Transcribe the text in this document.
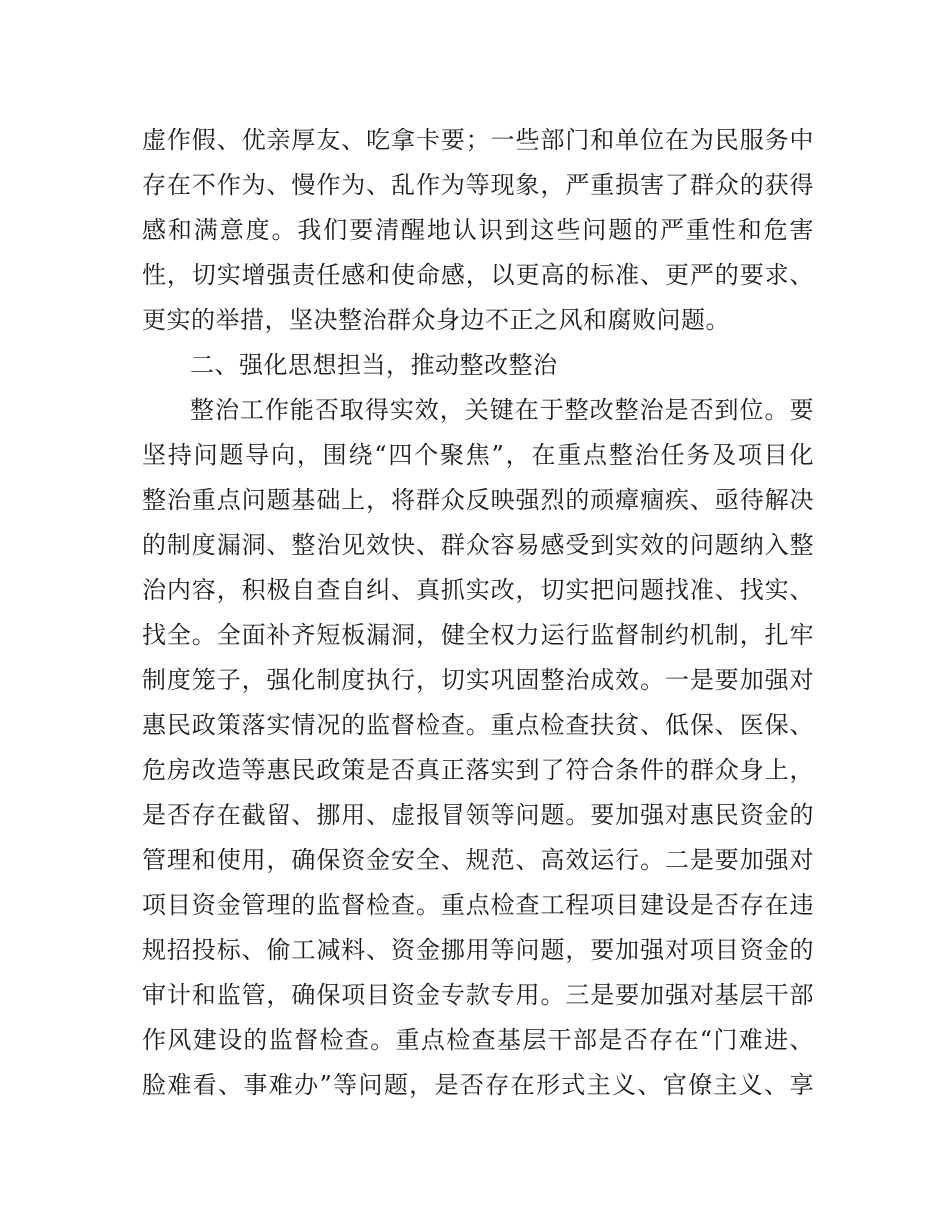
虚作假、优亲厚友、吃拿卡要；一些部门和单位在为民服务中
存在不作为、慢作为、乱作为等现象，严重损害了群众的获得
感和满意度。我们要清醒地认识到这些问题的严重性和危害
性，切实增强责任感和使命感，以更高的标准、更严的要求、
更实的举措，坚决整治群众身边不正之风和腐败问题。
二、强化思想担当，推动整改整治
整治工作能否取得实效，关键在于整改整治是否到位。要
坚持问题导向，围绕“四个聚焦”，在重点整治任务及项目化
整治重点问题基础上，将群众反映强烈的顽瘴痼疾、亟待解决
的制度漏洞、整治见效快、群众容易感受到实效的问题纳入整
治内容，积极自查自纠、真抓实改，切实把问题找准、找实、
找全。全面补齐短板漏洞，健全权力运行监督制约机制，扎牢
制度笼子，强化制度执行，切实巩固整治成效。一是要加强对
惠民政策落实情况的监督检查。重点检查扶贫、低保、医保、
危房改造等惠民政策是否真正落实到了符合条件的群众身上，
是否存在截留、挪用、虚报冒领等问题。要加强对惠民资金的
管理和使用，确保资金安全、规范、高效运行。二是要加强对
项目资金管理的监督检查。重点检查工程项目建设是否存在违
规招投标、偷工减料、资金挪用等问题，要加强对项目资金的
审计和监管，确保项目资金专款专用。三是要加强对基层干部
作风建设的监督检查。重点检查基层干部是否存在“门难进、
脸难看、事难办”等问题，是否存在形式主义、官僚主义、享
